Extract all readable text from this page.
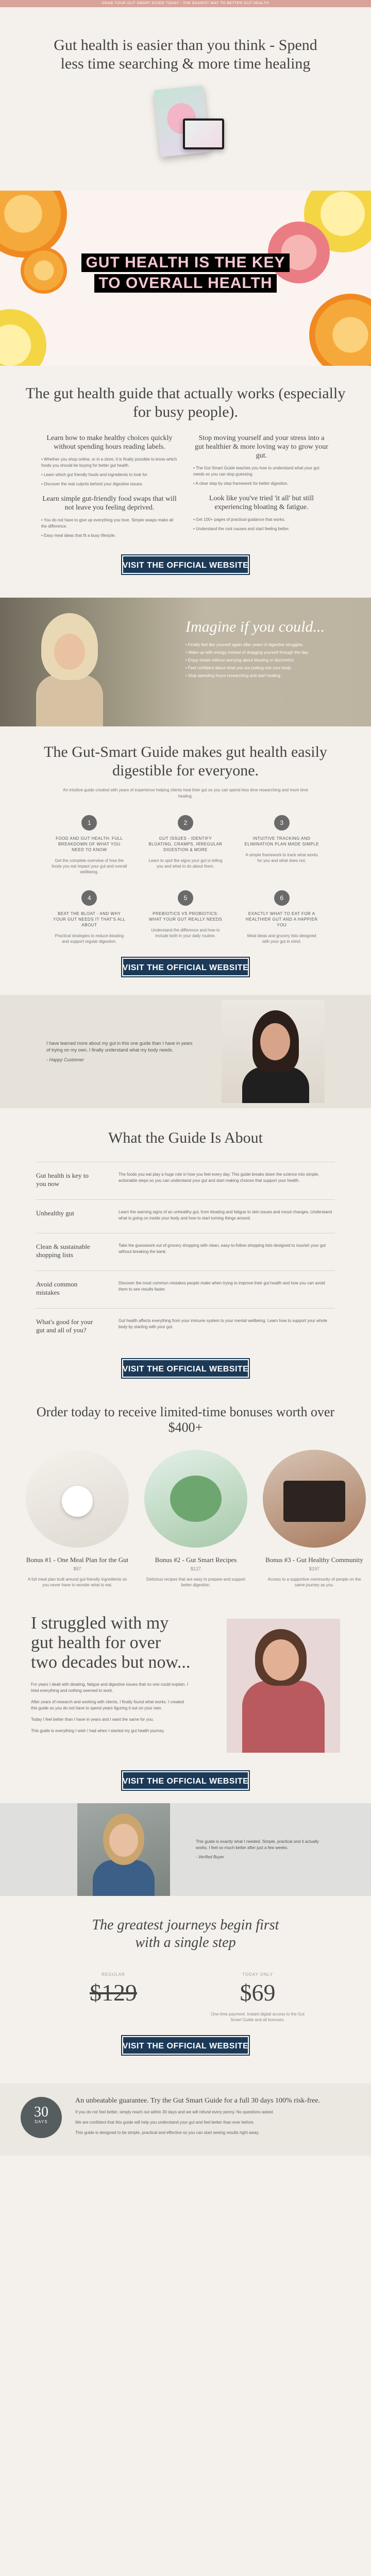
GRAB YOUR GUT SMART GUIDE TODAY - THE EASIEST WAY TO BETTER GUT HEALTH
Gut health is easier than you think - Spend less time searching & more time healing
GUT HEALTH IS THE KEY
TO OVERALL HEALTH
The gut health guide that actually works (especially for busy people).
Learn how to make healthy choices quickly without spending hours reading labels.

• Whether you shop online, or in a store, it is finally possible to know which foods you should be buying for better gut health.

• Learn which gut friendly foods and ingredients to look for.

• Discover the real culprits behind your digestive issues.

Learn simple gut-friendly food swaps that will not leave you feeling deprived.

• You do not have to give up everything you love. Simple swaps make all the difference.

• Easy meal ideas that fit a busy lifestyle.

Stop moving yourself and your stress into a gut healthier & more loving way to grow your gut.

• The Gut Smart Guide teaches you how to understand what your gut needs so you can stop guessing.

• A clear step by step framework for better digestion.

Look like you've tried 'it all' but still experiencing bloating & fatigue.

• Get 100+ pages of practical guidance that works.

• Understand the root causes and start feeling better.

VISIT THE OFFICIAL WEBSITE
Imagine if you could...

• Finally feel like yourself again after years of digestive struggles.

• Wake up with energy instead of dragging yourself through the day.

• Enjoy meals without worrying about bloating or discomfort.

• Feel confident about what you are putting into your body.

• Stop spending hours researching and start healing.

The Gut-Smart Guide makes gut health easily digestible for everyone.

An intuitive guide created with years of experience helping clients heal their gut so you can spend less time researching and more time healing.

1
FOOD AND GUT HEALTH: FULL BREAKDOWN OF WHAT YOU NEED TO KNOW
Get the complete overview of how the foods you eat impact your gut and overall wellbeing.
2
GUT ISSUES - IDENTIFY BLOATING, CRAMPS, IRREGULAR DIGESTION & MORE
Learn to spot the signs your gut is telling you and what to do about them.
3
INTUITIVE TRACKING AND ELIMINATION PLAN MADE SIMPLE
A simple framework to track what works for you and what does not.
4
BEAT THE BLOAT - AND WHY YOUR GUT NEEDS IT THAT'S ALL ABOUT
Practical strategies to reduce bloating and support regular digestion.
5
PREBIOTICS VS PROBIOTICS: WHAT YOUR GUT REALLY NEEDS
Understand the difference and how to include both in your daily routine.
6
EXACTLY WHAT TO EAT FOR A HEALTHIER GUT AND A HAPPIER YOU
Meal ideas and grocery lists designed with your gut in mind.
VISIT THE OFFICIAL WEBSITE
I have learned more about my gut in this one guide than I have in years of trying on my own. I finally understand what my body needs.
- Happy Customer
What the Guide Is About
Gut health is key to you now
The foods you eat play a huge role in how you feel every day. This guide breaks down the science into simple, actionable steps so you can understand your gut and start making choices that support your health.
Unhealthy gut	Learn the warning signs of an unhealthy gut, from bloating and fatigue to skin issues and mood changes. Understand what is going on inside your body and how to start turning things around.
Clean & sustainable shopping lists
Take the guesswork out of grocery shopping with clean, easy-to-follow shopping lists designed to nourish your gut without breaking the bank.
Avoid common mistakes
Discover the most common mistakes people make when trying to improve their gut health and how you can avoid them to see results faster.
What's good for your gut and all of you?
Gut health affects everything from your immune system to your mental wellbeing. Learn how to support your whole body by starting with your gut.
VISIT THE OFFICIAL WEBSITE
Order today to receive limited-time bonuses worth over $400+
Bonus #1 - One Meal Plan for the Gut
$97
A full meal plan built around gut-friendly ingredients so you never have to wonder what to eat.
Bonus #2 - Gut Smart Recipes
$127
Delicious recipes that are easy to prepare and support better digestion.
Bonus #3 - Gut Healthy Community
$197
Access to a supportive community of people on the same journey as you.
I struggled with my gut health for over two decades but now...

For years I dealt with bloating, fatigue and digestive issues that no one could explain. I tried everything and nothing seemed to work.

After years of research and working with clients, I finally found what works. I created this guide so you do not have to spend years figuring it out on your own.

Today I feel better than I have in years and I want the same for you.

This guide is everything I wish I had when I started my gut health journey.

VISIT THE OFFICIAL WEBSITE
This guide is exactly what I needed. Simple, practical and it actually works. I feel so much better after just a few weeks.
- Verified Buyer
The greatest journeys begin first with a single step
REGULAR
$129
TODAY ONLY
$69
One-time payment. Instant digital access to the Gut Smart Guide and all bonuses.
VISIT THE OFFICIAL WEBSITE
30
DAYS
An unbeatable guarantee. Try the Gut Smart Guide for a full 30 days 100% risk-free.

If you do not feel better, simply reach out within 30 days and we will refund every penny. No questions asked.

We are confident that this guide will help you understand your gut and feel better than ever before.

This guide is designed to be simple, practical and effective so you can start seeing results right away.
